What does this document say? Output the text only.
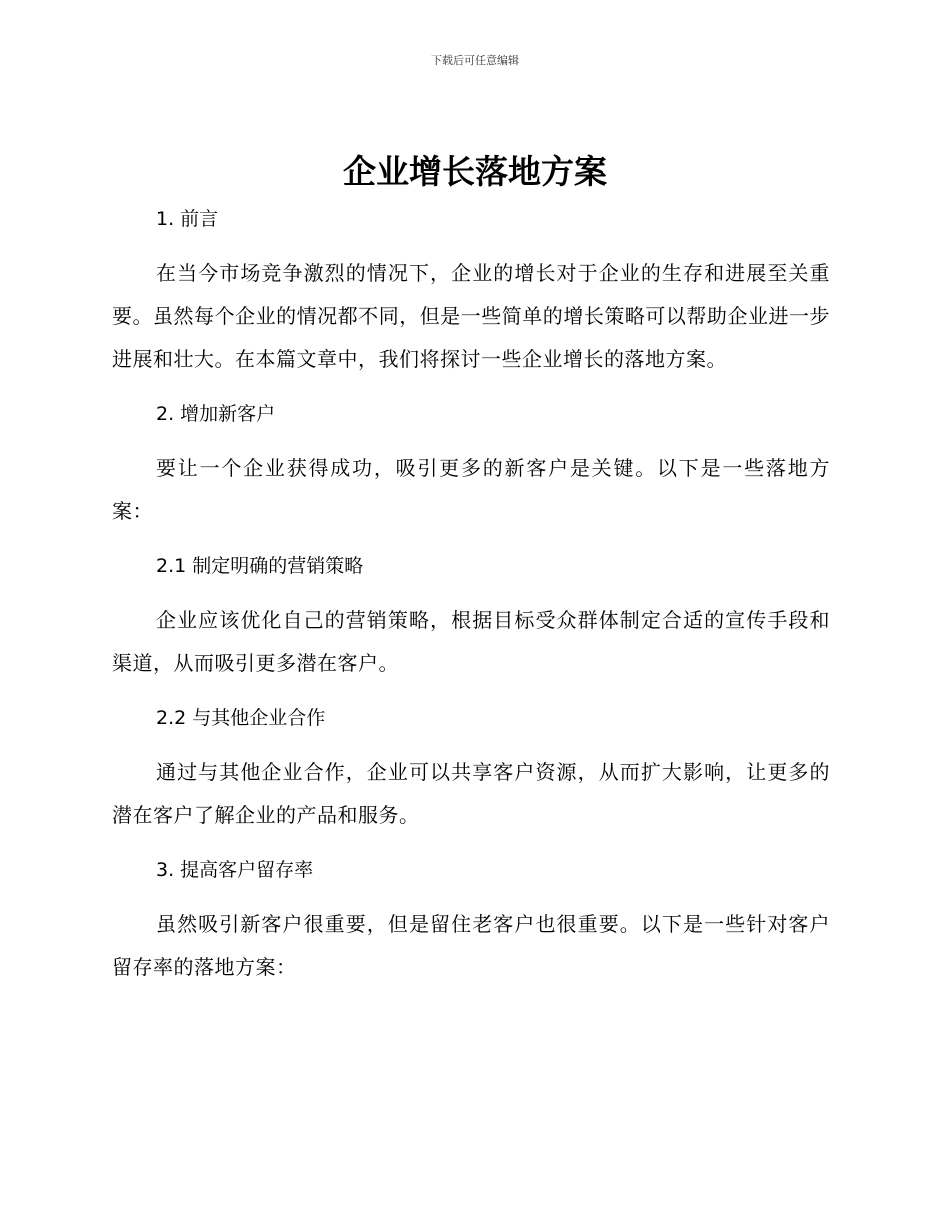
下载后可任意编辑
企业增长落地方案
1. 前言

在当今市场竞争激烈的情况下，企业的增长对于企业的生存和进展至关重要。虽然每个企业的情况都不同，但是一些简单的增长策略可以帮助企业进一步进展和壮大。在本篇文章中，我们将探讨一些企业增长的落地方案。

2. 增加新客户

要让一个企业获得成功，吸引更多的新客户是关键。以下是一些落地方案：

2.1 制定明确的营销策略

企业应该优化自己的营销策略，根据目标受众群体制定合适的宣传手段和渠道，从而吸引更多潜在客户。

2.2 与其他企业合作

通过与其他企业合作，企业可以共享客户资源，从而扩大影响，让更多的潜在客户了解企业的产品和服务。

3. 提高客户留存率

虽然吸引新客户很重要，但是留住老客户也很重要。以下是一些针对客户留存率的落地方案：
